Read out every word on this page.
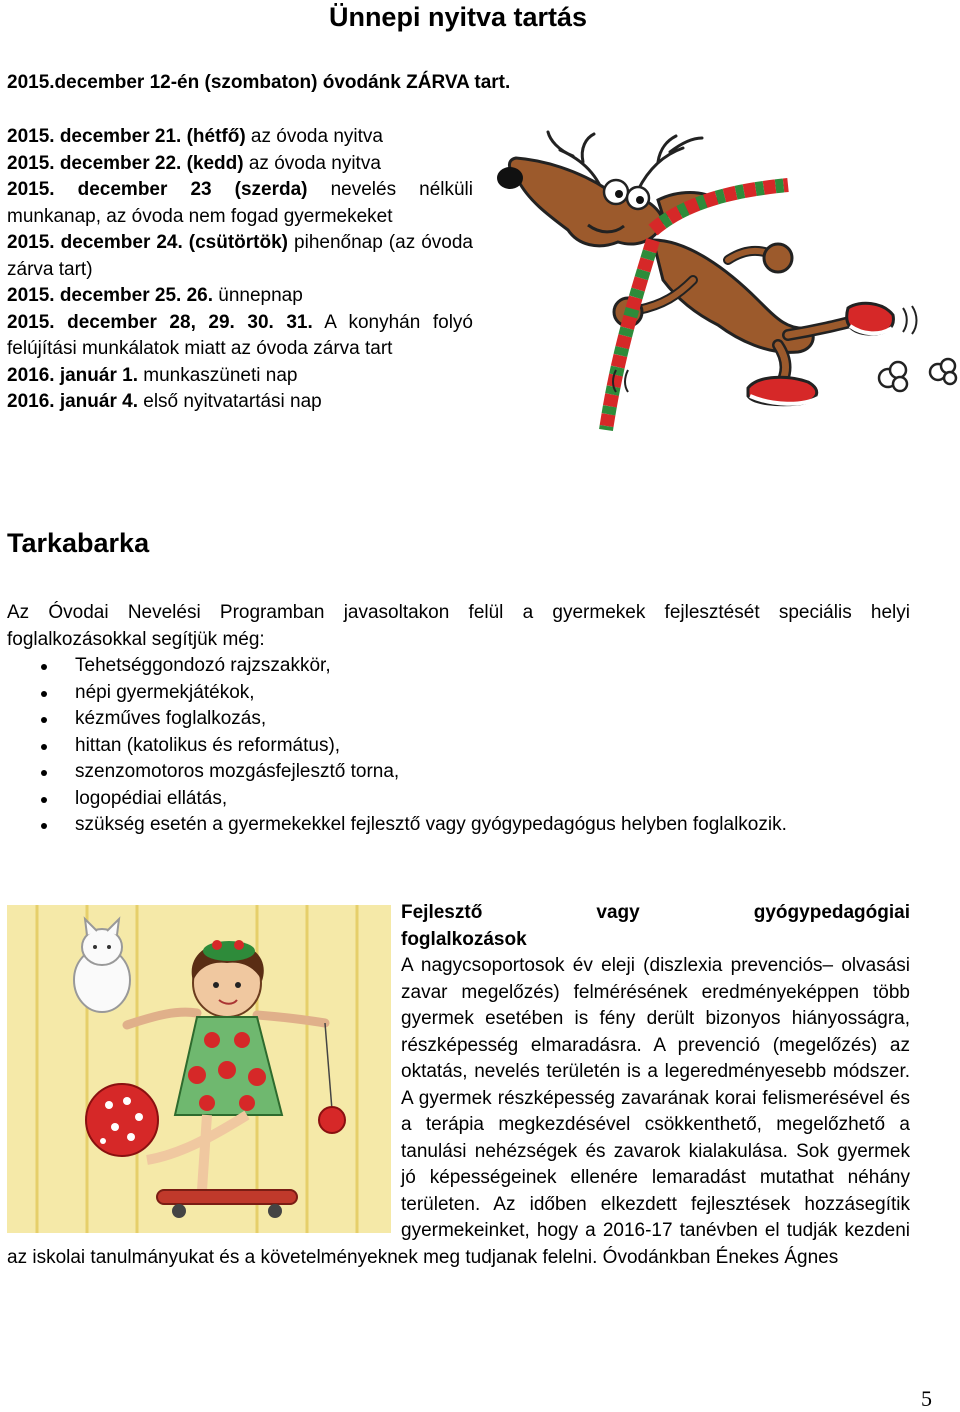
Ünnepi nyitva tartás
2015.december 12-én (szombaton) óvodánk ZÁRVA tart.

2015. december 21. (hétfő) az óvoda nyitva

2015. december 22. (kedd) az óvoda nyitva

2015. december 23 (szerda) nevelés nélküli munkanap, az óvoda nem fogad gyermekeket

2015. december 24. (csütörtök) pihenőnap (az óvoda zárva tart)

2015. december 25. 26. ünnepnap

2015. december 28, 29. 30. 31. A konyhán folyó felújítási munkálatok miatt az óvoda zárva tart

2016. január 1. munkaszüneti nap

2016. január 4. első nyitvatartási nap

Tarkabarka
Az Óvodai Nevelési Programban javasoltakon felül a gyermekek fejlesztését speciális helyi foglalkozásokkal segítjük még:
Tehetséggondozó rajzszakkör,
népi gyermekjátékok,
kézműves foglalkozás,
hittan (katolikus és református),
szenzomotoros mozgásfejlesztő torna,
logopédiai ellátás,
szükség esetén a gyermekekkel fejlesztő vagy gyógypedagógus helyben foglalkozik.
Fejlesztő vagy gyógypedagógiai
foglalkozások

A nagycsoportosok év eleji (diszlexia prevenciós– olvasási zavar megelőzés) felmérésének eredményeképpen több gyermek esetében is fény derült bizonyos hiányosságra, részképesség elmaradásra. A prevenció (megelőzés) az oktatás, nevelés területén is a legeredményesebb módszer. A gyermek részképesség zavarának korai felismerésével és a terápia megkezdésével csökkenthető, megelőzhető a tanulási nehézségek és zavarok kialakulása. Sok gyermek jó képességeinek ellenére lemaradást mutathat néhány területen. Az időben elkezdett fejlesztések hozzásegítik gyermekeinket, hogy a 2016-17 tanévben el tudják kezdeni az iskolai tanulmányukat és a követelményeknek meg tudjanak felelni. Óvodánkban Énekes Ágnes

5
